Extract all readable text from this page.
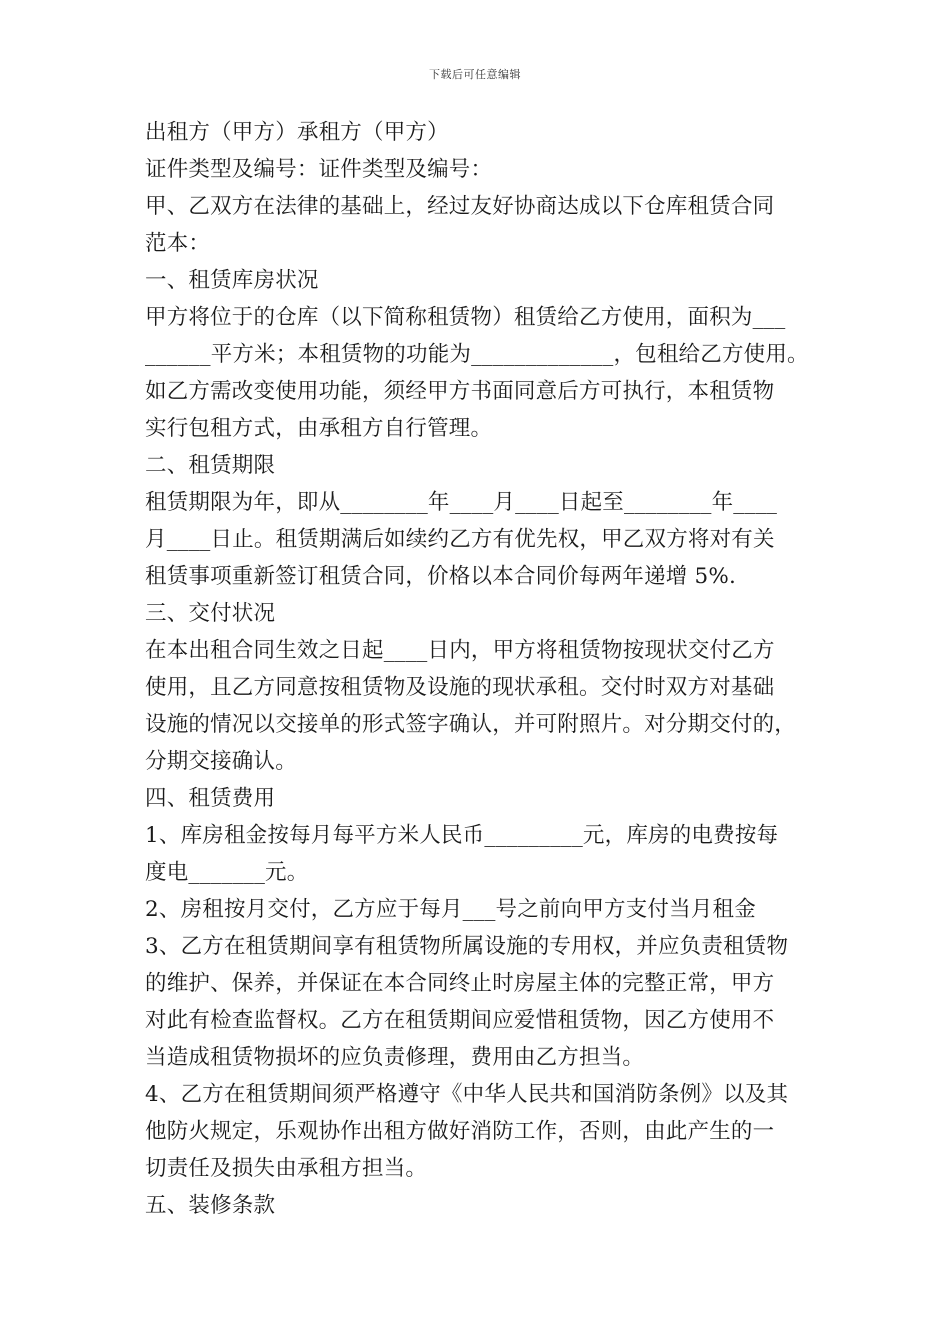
下载后可任意编辑
出租方（甲方）承租方（甲方）
证件类型及编号：证件类型及编号：
甲、乙双方在法律的基础上，经过友好协商达成以下仓库租赁合同
范本：
一、租赁库房状况
甲方将位于的仓库（以下简称租赁物）租赁给乙方使用，面积为___
______平方米；本租赁物的功能为_____________，包租给乙方使用。
如乙方需改变使用功能，须经甲方书面同意后方可执行，本租赁物
实行包租方式，由承租方自行管理。
二、租赁期限
租赁期限为年，即从________年____月____日起至________年____
月____日止。租赁期满后如续约乙方有优先权，甲乙双方将对有关
租赁事项重新签订租赁合同，价格以本合同价每两年递增 5%.
三、交付状况
在本出租合同生效之日起____日内，甲方将租赁物按现状交付乙方
使用，且乙方同意按租赁物及设施的现状承租。交付时双方对基础
设施的情况以交接单的形式签字确认，并可附照片。对分期交付的，
分期交接确认。
四、租赁费用
1、库房租金按每月每平方米人民币_________元，库房的电费按每
度电_______元。
2、房租按月交付，乙方应于每月___号之前向甲方支付当月租金
3、乙方在租赁期间享有租赁物所属设施的专用权，并应负责租赁物
的维护、保养，并保证在本合同终止时房屋主体的完整正常，甲方
对此有检查监督权。乙方在租赁期间应爱惜租赁物，因乙方使用不
当造成租赁物损坏的应负责修理，费用由乙方担当。
4、乙方在租赁期间须严格遵守《中华人民共和国消防条例》以及其
他防火规定，乐观协作出租方做好消防工作，否则，由此产生的一
切责任及损失由承租方担当。
五、装修条款
